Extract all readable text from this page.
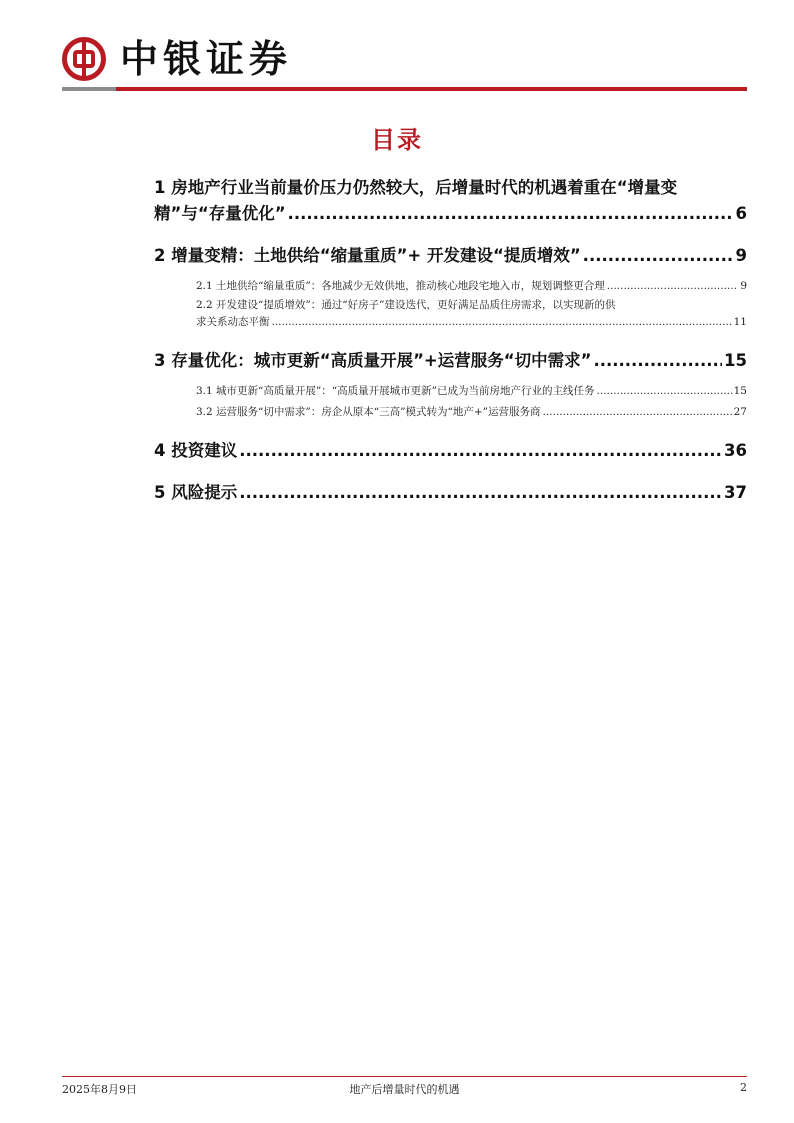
中银证券
目录
1 房地产行业当前量价压力仍然较大，后增量时代的机遇着重在“增量变
精”与“存量优化” .....	6
2 增量变精：土地供给“缩量重质”+ 开发建设“提质增效” .....	9
2.1 土地供给“缩量重质”：各地减少无效供地，推动核心地段宅地入市，规划调整更合理 .....	9
2.2 开发建设“提质增效”：通过“好房子”建设迭代，更好满足品质住房需求，以实现新的供
求关系动态平衡 .....	11
3 存量优化：城市更新“高质量开展”+运营服务“切中需求” .....	15
3.1 城市更新“高质量开展”：“高质量开展城市更新”已成为当前房地产行业的主线任务 .....	15
3.2 运营服务“切中需求”：房企从原本“三高”模式转为“地产+”运营服务商 .....	27
4 投资建议 .....	36
5 风险提示 .....	37
2025年8月9日	地产后增量时代的机遇	2
